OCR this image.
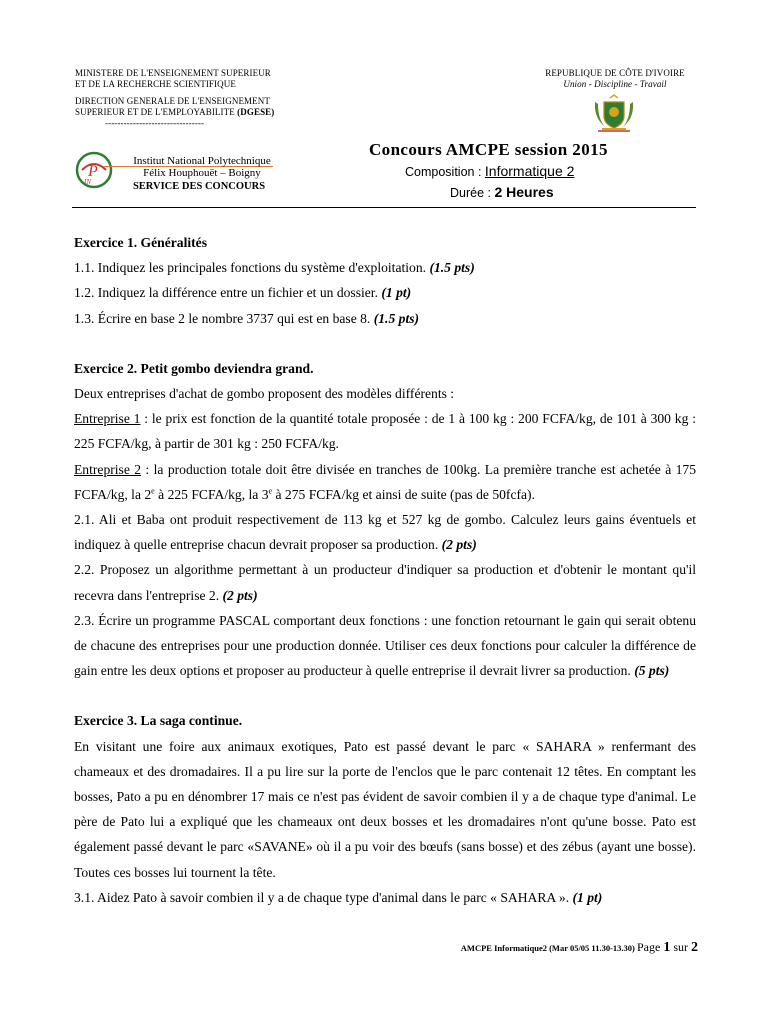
MINISTERE DE L'ENSEIGNEMENT SUPERIEUR
ET DE LA RECHERCHE SCIENTIFIQUE
DIRECTION GENERALE DE L'ENSEIGNEMENT
SUPERIEUR ET DE L'EMPLOYABILITE (DGESE)
--------------------------------
REPUBLIQUE DE CÔTE D'IVOIRE
Union - Discipline - Travail
P
IN
Institut National Polytechnique
Félix Houphouët – Boigny
SERVICE DES CONCOURS
Concours AMCPE session 2015
Composition : Informatique 2
Durée : 2 Heures

Exercice 1. Généralités

1.1. Indiquez les principales fonctions du système d'exploitation. (1.5 pts)

1.2. Indiquez la différence entre un fichier et un dossier. (1 pt)

1.3. Écrire en base 2 le nombre 3737 qui est en base 8. (1.5 pts)

Exercice 2. Petit gombo deviendra grand.

Deux entreprises d'achat de gombo proposent des modèles différents :

Entreprise 1 : le prix est fonction de la quantité totale proposée : de 1 à 100 kg : 200 FCFA/kg, de 101 à 300 kg : 225 FCFA/kg, à partir de 301 kg : 250 FCFA/kg.

Entreprise 2 : la production totale doit être divisée en tranches de 100kg. La première tranche est achetée à 175 FCFA/kg, la 2e à 225 FCFA/kg, la 3e à 275 FCFA/kg et ainsi de suite (pas de 50fcfa).

2.1. Ali et Baba ont produit respectivement de 113 kg et 527 kg de gombo. Calculez leurs gains éventuels et indiquez à quelle entreprise chacun devrait proposer sa production. (2 pts)

2.2. Proposez un algorithme permettant à un producteur d'indiquer sa production et d'obtenir le montant qu'il recevra dans l'entreprise 2. (2 pts)

2.3. Écrire un programme PASCAL comportant deux fonctions : une fonction retournant le gain qui serait obtenu de chacune des entreprises pour une production donnée. Utiliser ces deux fonctions pour calculer la différence de gain entre les deux options et proposer au producteur à quelle entreprise il devrait livrer sa production. (5 pts)

Exercice 3. La saga continue.

En visitant une foire aux animaux exotiques, Pato est passé devant le parc « SAHARA » renfermant des chameaux et des dromadaires. Il a pu lire sur la porte de l'enclos que le parc contenait 12 têtes. En comptant les bosses, Pato a pu en dénombrer 17 mais ce n'est pas évident de savoir combien il y a de chaque type d'animal. Le père de Pato lui a expliqué que les chameaux ont deux bosses et les dromadaires n'ont qu'une bosse. Pato est également passé devant le parc «SAVANE» où il a pu voir des bœufs (sans bosse) et des zébus (ayant une bosse). Toutes ces bosses lui tournent la tête.

3.1. Aidez Pato à savoir combien il y a de chaque type d'animal dans le parc « SAHARA ». (1 pt)

AMCPE Informatique2 (Mar 05/05 11.30-13.30) Page 1 sur 2
